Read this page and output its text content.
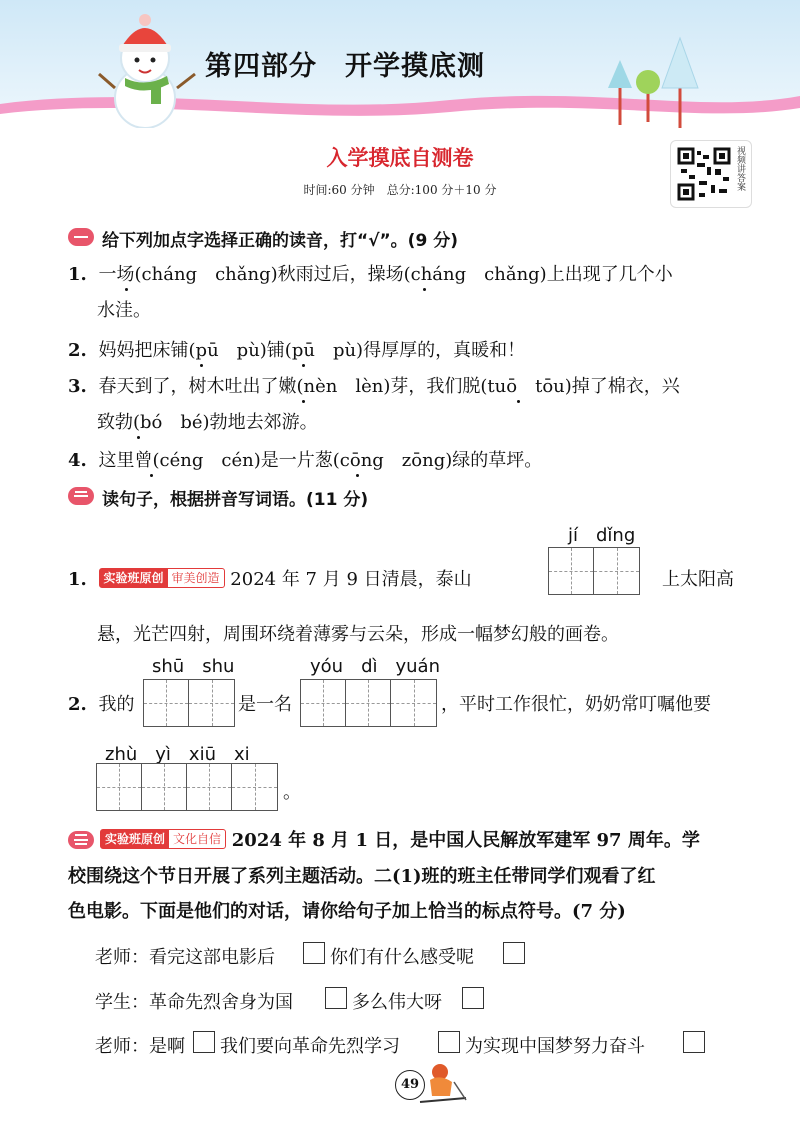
第四部分　开学摸底测
入学摸底自测卷
时间:60 分钟　总分:100 分＋10 分	视频讲答案
给下列加点字选择正确的读音，打“√”。(9 分)
1. 一场(cháng　chǎng)秋雨过后，操场(cháng　chǎng)上出现了几个小
水洼。
2. 妈妈把床铺(pū　pù)铺(pū　pù)得厚厚的，真暖和！
3. 春天到了，树木吐出了嫩(nèn　lèn)芽，我们脱(tuō　tōu)掉了棉衣，兴
致勃(bó　bé)勃地去郊游。
4. 这里曾(céng　cén)是一片葱(cōng　zōng)绿的草坪。
读句子，根据拼音写词语。(11 分)
jí　dǐng
1. 实验班原创 审美创造 2024 年 7 月 9 日清晨，泰山	上太阳高
悬，光芒四射，周围环绕着薄雾与云朵，形成一幅梦幻般的画卷。
shū　shu	yóu　dì　yuán
2. 我的	是一名	，平时工作很忙，奶奶常叮嘱他要
zhù　yì　xiū　xi
。
实验班原创 文化自信 2024 年 8 月 1 日，是中国人民解放军建军 97 周年。学
校围绕这个节日开展了系列主题活动。二(1)班的班主任带同学们观看了红
色电影。下面是他们的对话，请你给句子加上恰当的标点符号。(7 分)
老师：看完这部电影后	你们有什么感受呢
学生：革命先烈舍身为国	多么伟大呀
老师：是啊 我们要向革命先烈学习	为实现中国梦努力奋斗
49
